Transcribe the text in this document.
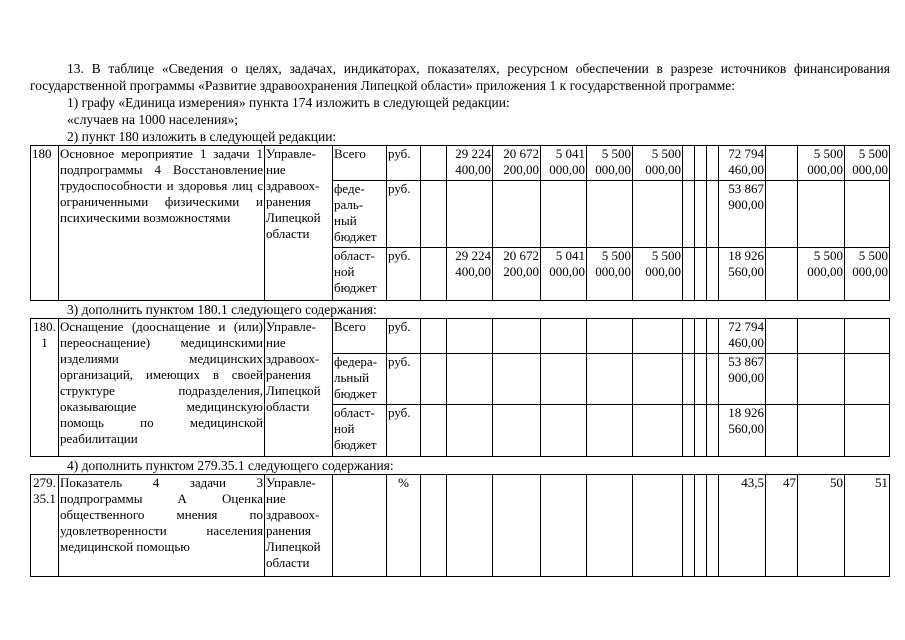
13. В таблице «Сведения о целях, задачах, индикаторах, показателях, ресурсном обеспечении в разрезе источников финансирования государственной программы «Развитие здравоохранения Липецкой области» приложения 1 к государственной программе:

1) графу «Единица измерения» пункта 174 изложить в следующей редакции:

«случаев на 1000 населения»;

2) пункт 180 изложить в следующей редакции:

180	Основное мероприятие 1 задачи 1 подпрограммы 4 Восстановление трудоспособности и здоровья лиц с ограниченными физическими и психическими возможностями	Управле-ние здравоох-ранения Липецкой области	Всего	руб.		29 224 400,00	20 672 200,00	5 041 000,00	5 500 000,00	5 500 000,00				72 794 460,00		5 500 000,00	5 500 000,00
			феде-раль-ный бюджет	руб.										53 867 900,00			
			област-ной бюджет	руб.		29 224 400,00	20 672 200,00	5 041 000,00	5 500 000,00	5 500 000,00				18 926 560,00		5 500 000,00	5 500 000,00

3) дополнить пунктом 180.1 следующего содержания:

180. 1	Оснащение (дооснащение и (или) переоснащение) медицинскими изделиями медицинских организаций, имеющих в своей структуре подразделения, оказывающие медицинскую помощь по медицинской реабилитации	Управле-ние здравоох-ранения Липецкой области	Всего	руб.										72 794 460,00			
			федера-льный бюджет	руб.										53 867 900,00			
			област-ной бюджет	руб.										18 926 560,00			

4) дополнить пунктом 279.35.1 следующего содержания:

279. 35.1	Показатель 4 задачи 3 подпрограммы А Оценка общественного мнения по удовлетворенности населения медицинской помощью	Управле-ние здравоох-ранения Липецкой области		%										43,5	47	50	51
